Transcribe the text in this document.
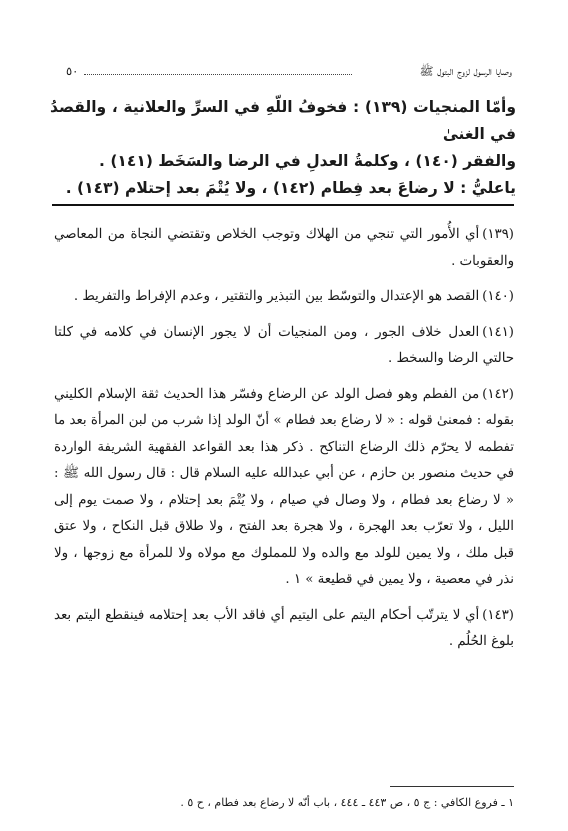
وصايا الرسول لزوج البتول ﷺ
٥٠

وأمّا المنجيات (١٣٩) : فخوفُ اللّهِ في السرِّ والعلانية ، والقصدُ في الغنىٰ

والفقر (١٤٠) ، وكلمةُ العدلِ في الرضا والسَخَط (١٤١) .

ياعليُّ : لا رضاعَ بعد فِطام (١٤٢) ، ولا يُتْمَ بعد إحتلام (١٤٣) .

(١٣٩)أي الأُمور التي تنجي من الهلاك وتوجب الخلاص وتقتضي النجاة من المعاصي والعقوبات .

(١٤٠)القصد هو الإعتدال والتوسّط بين التبذير والتقتير ، وعدم الإفراط والتفريط .

(١٤١)العدل خلاف الجور ، ومن المنجيات أن لا يجور الإنسان في كلامه في كلتا حالتي الرضا والسخط .

(١٤٢)من الفطم وهو فصل الولد عن الرضاع وفسّر هذا الحديث ثقة الإسلام الكليني بقوله : فمعنىٰ قوله : « لا رضاع بعد فطام » أنّ الولد إذا شرب من لبن المرأة بعد ما تفطمه لا يحرّم ذلك الرضاع التناكح . ذكر هذا بعد القواعد الفقهية الشريفة الواردة في حديث منصور بن حازم ، عن أبي عبدالله عليه السلام قال : قال رسول الله ﷺ : « لا رضاع بعد فطام ، ولا وصال في صيام ، ولا يُتْمَ بعد إحتلام ، ولا صمت يوم إلى الليل ، ولا تعرّب بعد الهجرة ، ولا هجرة بعد الفتح ، ولا طلاق قبل النكاح ، ولا عتق قبل ملك ، ولا يمين للولد مع والده ولا للمملوك مع مولاه ولا للمرأة مع زوجها ، ولا نذر في معصية ، ولا يمين في قطيعة » ١ .

(١٤٣)أي لا يترتّب أحكام اليتم على اليتيم أي فاقد الأب بعد إحتلامه فينقطع اليتم بعد بلوغ الحُلُم .

١ ـ فروع الكافي : ج ٥ ، ص ٤٤٣ ـ ٤٤٤ ، باب أنّه لا رضاع بعد فطام ، ح ٥ .
